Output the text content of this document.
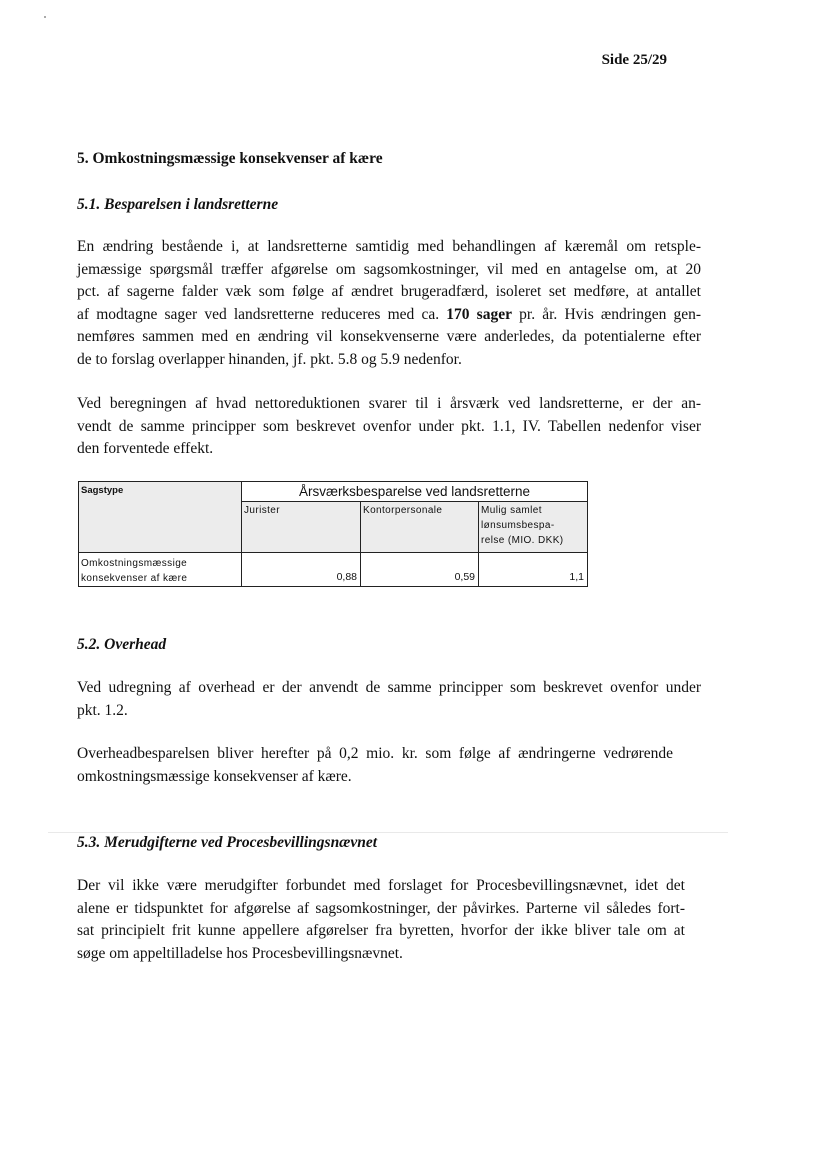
Side 25/29
5. Omkostningsmæssige konsekvenser af kære
5.1. Besparelsen i landsretterne

En ændring bestående i, at landsretterne samtidig med behandlingen af kæremål om retsple-
jemæssige spørgsmål træffer afgørelse om sagsomkostninger, vil med en antagelse om, at 20
pct. af sagerne falder væk som følge af ændret brugeradfærd, isoleret set medføre, at antallet
af modtagne sager ved landsretterne reduceres med ca. 170 sager pr. år. Hvis ændringen gen-
nemføres sammen med en ændring vil konsekvenserne være anderledes, da potentialerne efter
de to forslag overlapper hinanden, jf. pkt. 5.8 og 5.9 nedenfor.

Ved beregningen af hvad nettoreduktionen svarer til i årsværk ved landsretterne, er der an-
vendt de samme principper som beskrevet ovenfor under pkt. 1.1, IV. Tabellen nedenfor viser
den forventede effekt.

Sagstype	Årsværksbesparelse ved landsretterne
Jurister	Kontorpersonale	Mulig samlet
lønsumsbespa-
relse (MIO. DKK)
Omkostningsmæssige
konsekvenser af kære	0,88	0,59	1,1
5.2. Overhead

Ved udregning af overhead er der anvendt de samme principper som beskrevet ovenfor under
pkt. 1.2.

Overheadbesparelsen bliver herefter på 0,2 mio. kr. som følge af ændringerne vedrørende
omkostningsmæssige konsekvenser af kære.

5.3. Merudgifterne ved Procesbevillingsnævnet

Der vil ikke være merudgifter forbundet med forslaget for Procesbevillingsnævnet, idet det
alene er tidspunktet for afgørelse af sagsomkostninger, der påvirkes. Parterne vil således fort-
sat principielt frit kunne appellere afgørelser fra byretten, hvorfor der ikke bliver tale om at
søge om appeltilladelse hos Procesbevillingsnævnet.
